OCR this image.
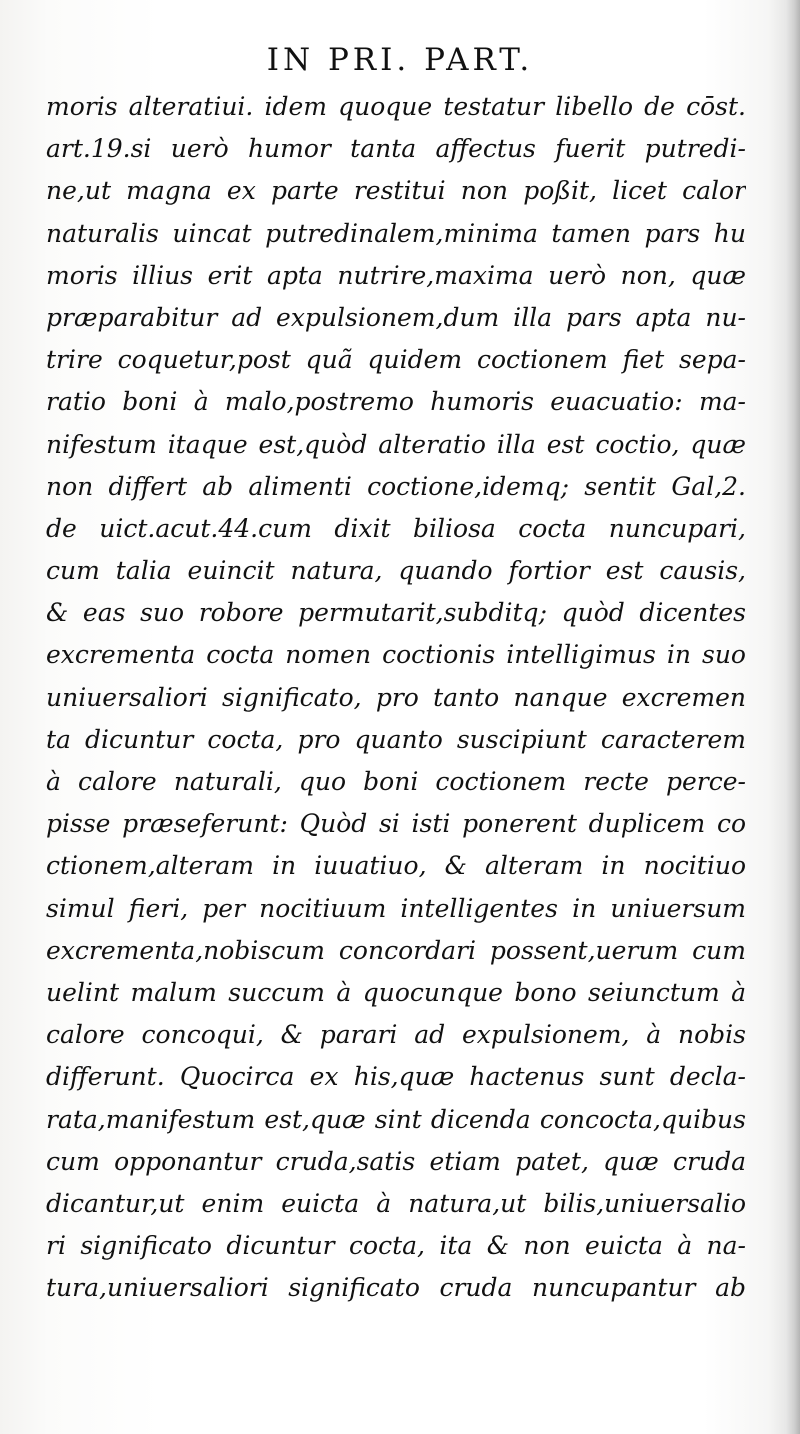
IN PRI. PART.
moris alteratiui. idem quoque testatur libello de cōst.
art.19.si uerò humor tanta affectus fuerit putredi-
ne,ut magna ex parte restitui non poßit, licet calor
naturalis uincat putredinalem,minima tamen pars hu
moris illius erit apta nutrire,maxima uerò non, quæ
præparabitur ad expulsionem,dum illa pars apta nu-
trire coquetur,post quã quidem coctionem fiet sepa-
ratio boni à malo,postremo humoris euacuatio: ma-
nifestum itaque est,quòd alteratio illa est coctio, quæ
non differt ab alimenti coctione,idemq; sentit Gal,2.
de uict.acut.44.cum dixit biliosa cocta nuncupari,
cum talia euincit natura, quando fortior est causis,
& eas suo robore permutarit,subditq; quòd dicentes
excrementa cocta nomen coctionis intelligimus in suo
uniuersaliori significato, pro tanto nanque excremen
ta dicuntur cocta, pro quanto suscipiunt caracterem
à calore naturali, quo boni coctionem recte perce-
pisse præseferunt: Quòd si isti ponerent duplicem co
ctionem,alteram in iuuatiuo, & alteram in nocitiuo
simul fieri, per nocitiuum intelligentes in uniuersum
excrementa,nobiscum concordari possent,uerum cum
uelint malum succum à quocunque bono seiunctum à
calore concoqui, & parari ad expulsionem, à nobis
differunt. Quocirca ex his,quæ hactenus sunt decla-
rata,manifestum est,quæ sint dicenda concocta,quibus
cum opponantur cruda,satis etiam patet, quæ cruda
dicantur,ut enim euicta à natura,ut bilis,uniuersalio
ri significato dicuntur cocta, ita & non euicta à na-
tura,uniuersaliori significato cruda nuncupantur ab
